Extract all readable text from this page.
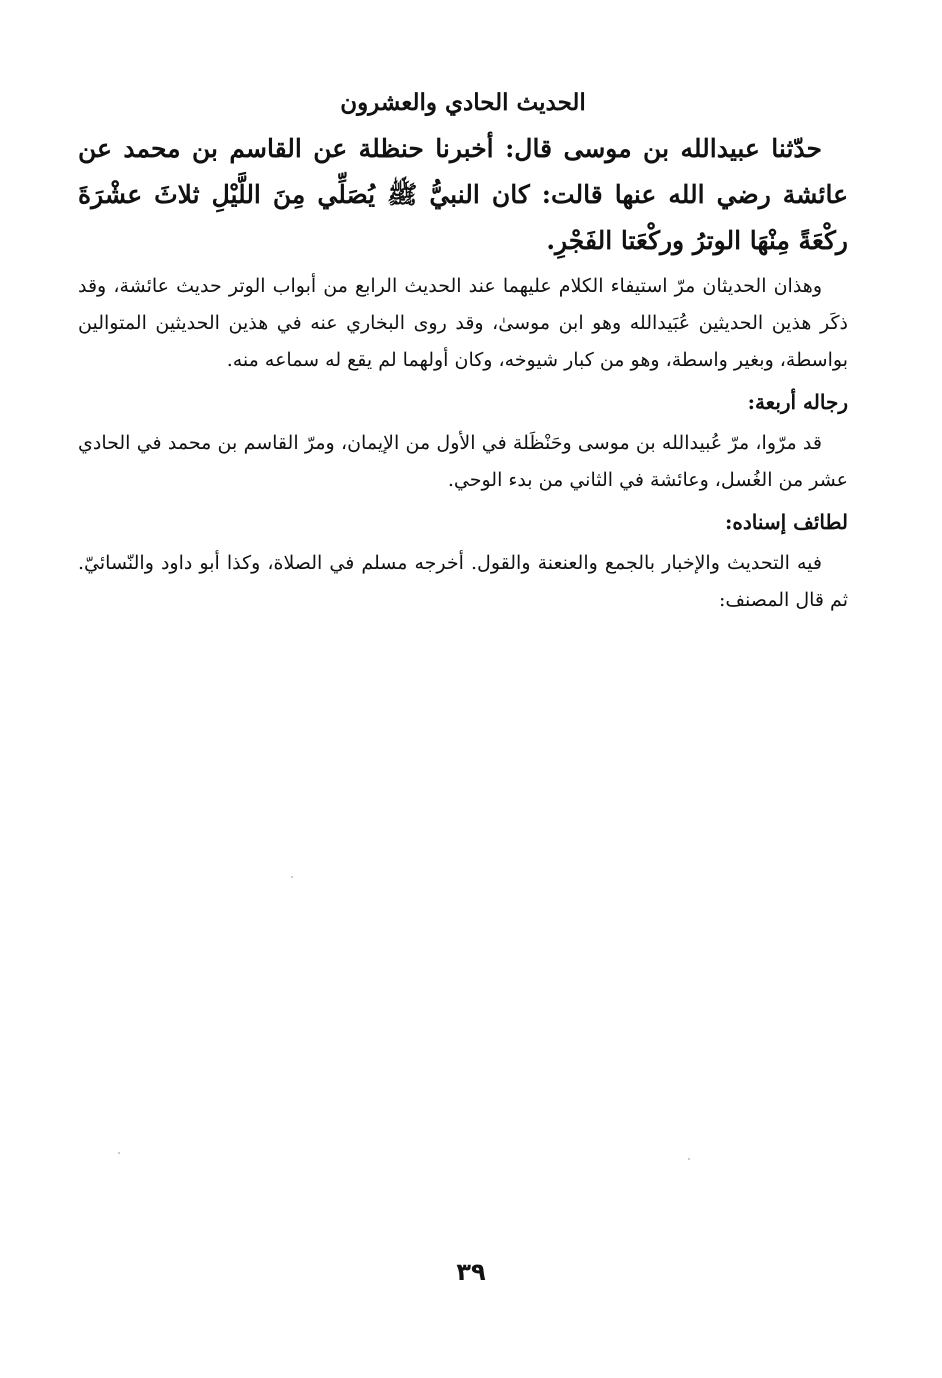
الحديث الحادي والعشرون

حدّثنا عبيدالله بن موسى قال: أخبرنا حنظلة عن القاسم بن محمد عن عائشة رضي الله عنها قالت: كان النبيُّ ﷺ يُصَلِّي مِنَ اللَّيْلِ ثلاثَ عشْرَةَ ركْعَةً مِنْهَا الوترُ وركْعَتا الفَجْرِ.

وهذان الحديثان مرّ استيفاء الكلام عليهما عند الحديث الرابع من أبواب الوتر حديث عائشة، وقد ذكَر هذين الحديثين عُبَيدالله وهو ابن موسىٰ، وقد روى البخاري عنه في هذين الحديثين المتوالين بواسطة، وبغير واسطة، وهو من كبار شيوخه، وكان أولهما لم يقع له سماعه منه.

رجاله أربعة:

قد مرّوا، مرّ عُبيدالله بن موسى وحَنْظَلة في الأول من الإيمان، ومرّ القاسم بن محمد في الحادي عشر من الغُسل، وعائشة في الثاني من بدء الوحي.

لطائف إسناده:

فيه التحديث والإخبار بالجمع والعنعنة والقول. أخرجه مسلم في الصلاة، وكذا أبو داود والنّسائيّ. ثم قال المصنف:

٣٩
